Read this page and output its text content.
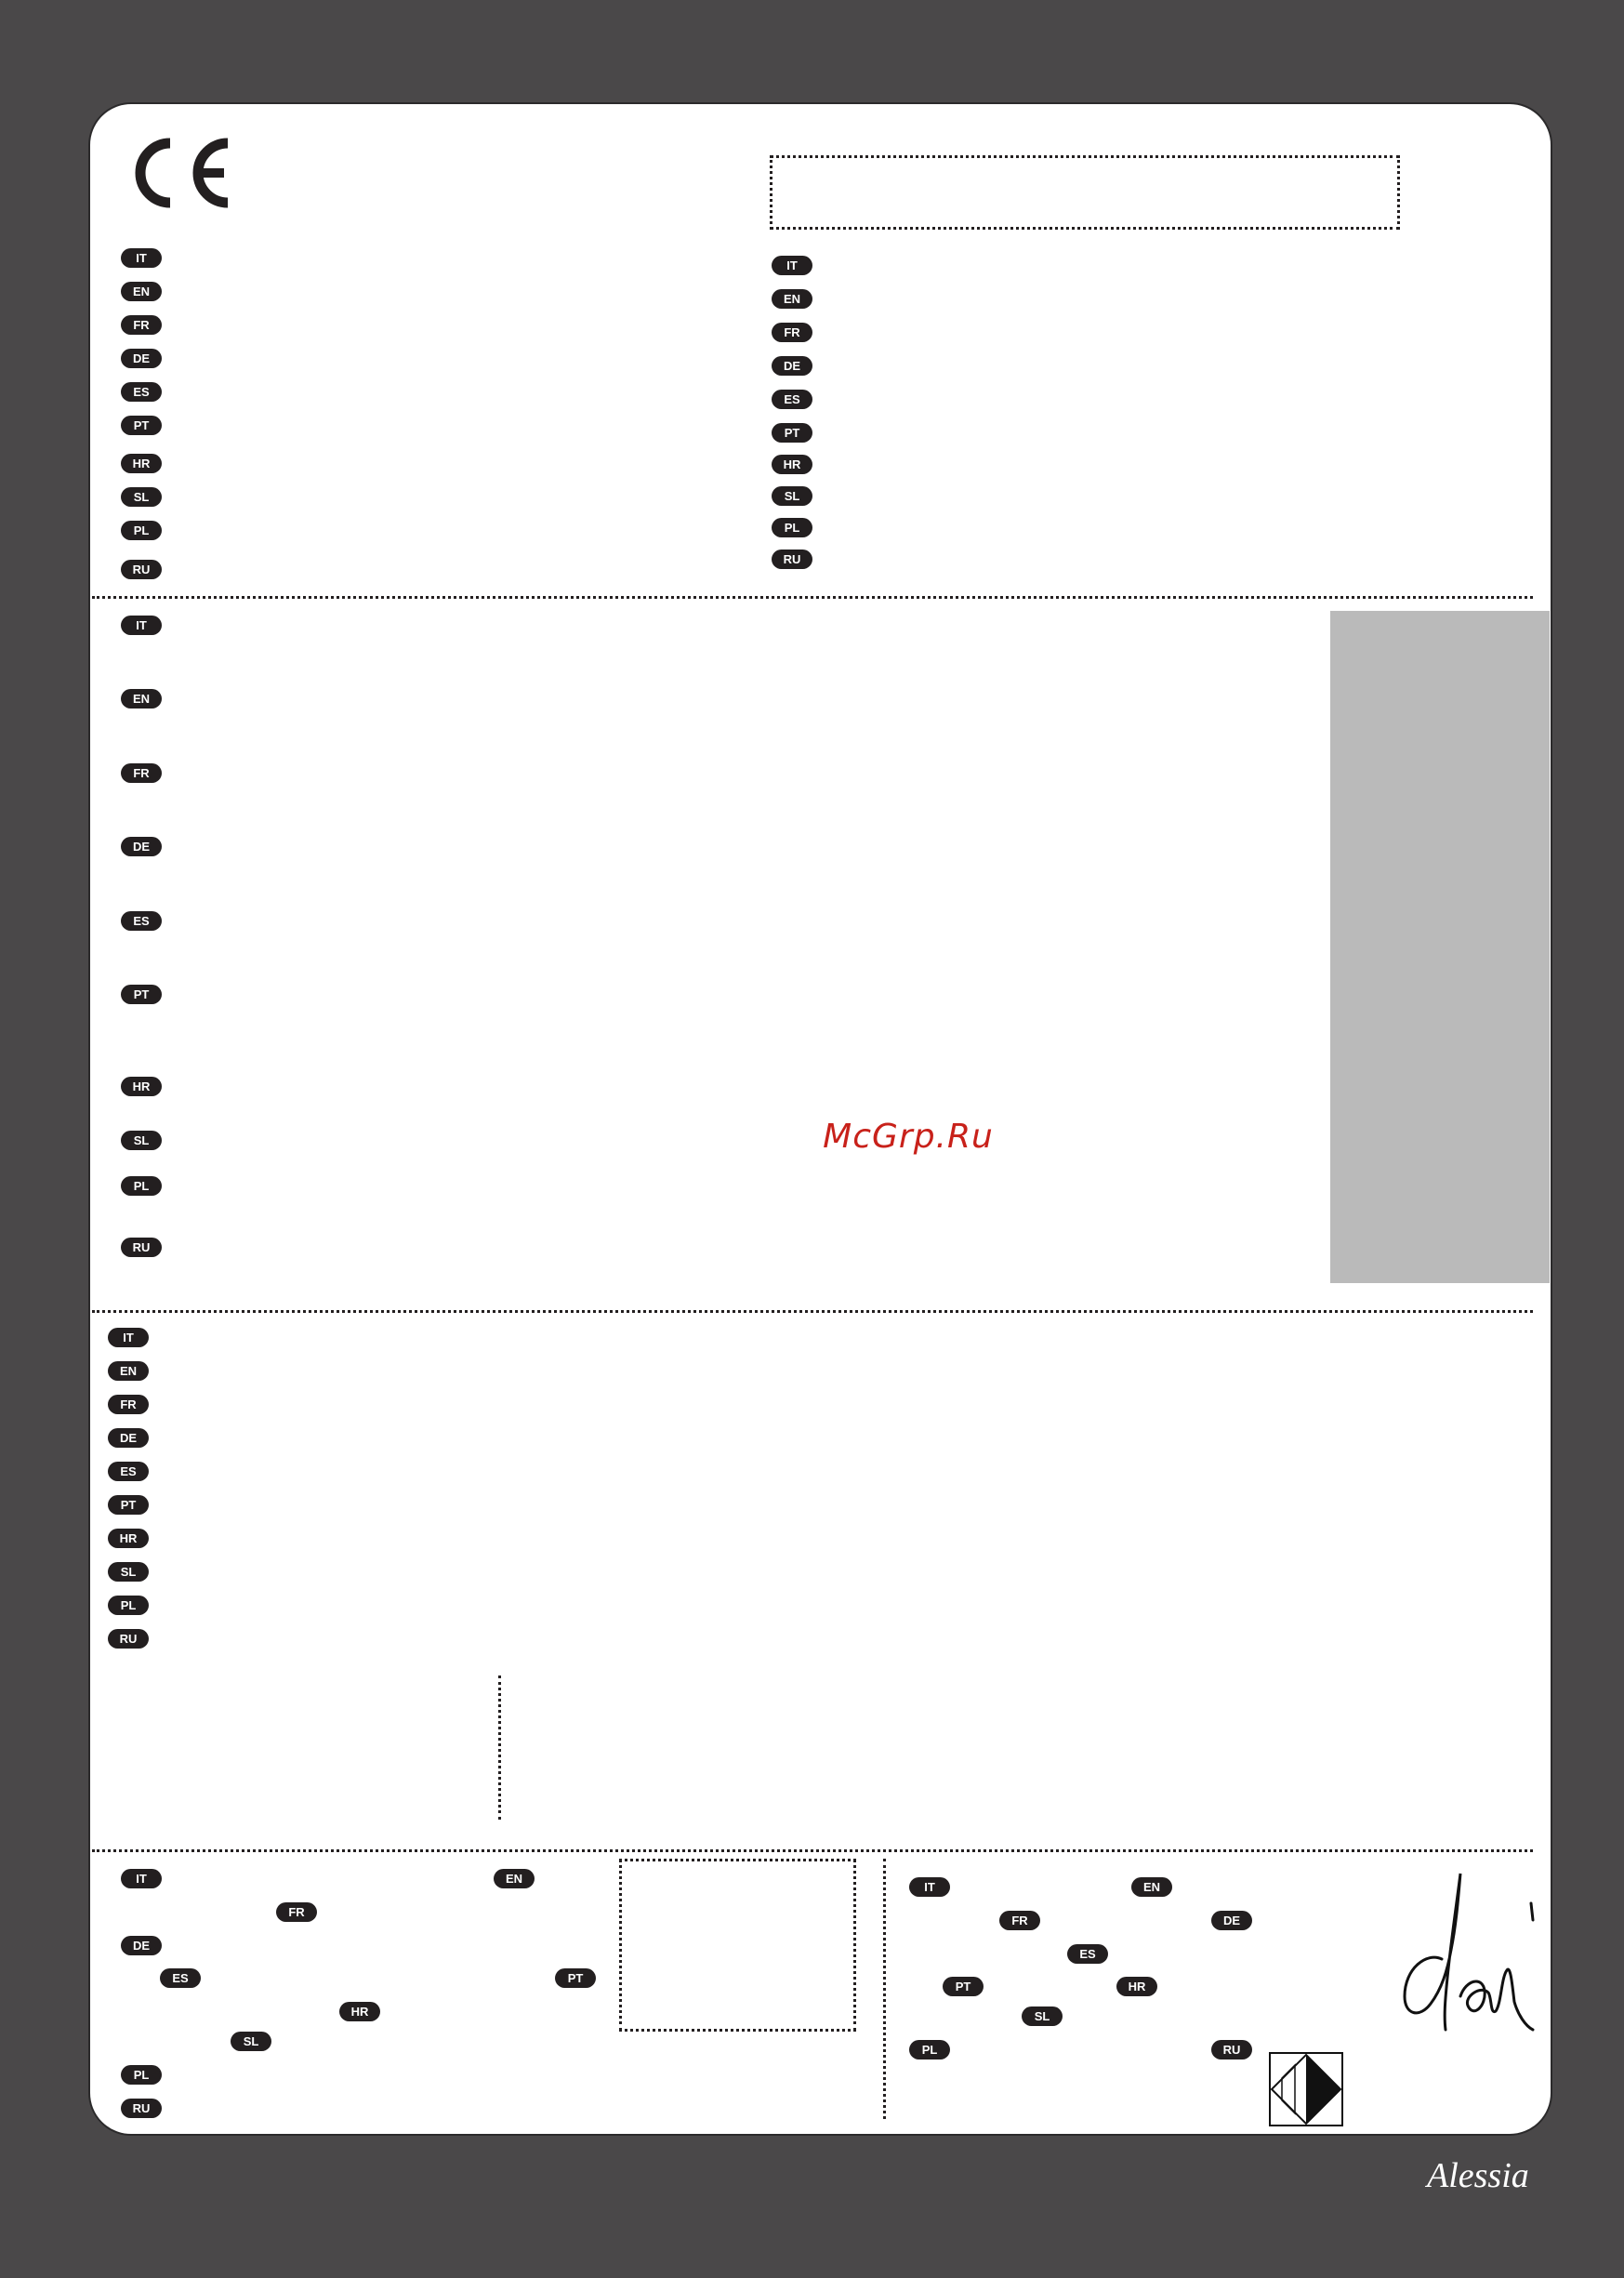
IT
EN
FR
DE
ES
PT
HR
SL
PL
RU
IT
EN
FR
DE
ES
PT
HR
SL
PL
RU
IT
EN
FR
DE
ES
PT
HR
SL
PL
RU
McGrp.Ru
IT
EN
FR
DE
ES
PT
HR
SL
PL
RU
IT	EN
FR
DE
ES	PT
HR
SL
PL
RU
IT	EN
FR	DE
ES
PT	HR
SL
PL	RU
Alessia
